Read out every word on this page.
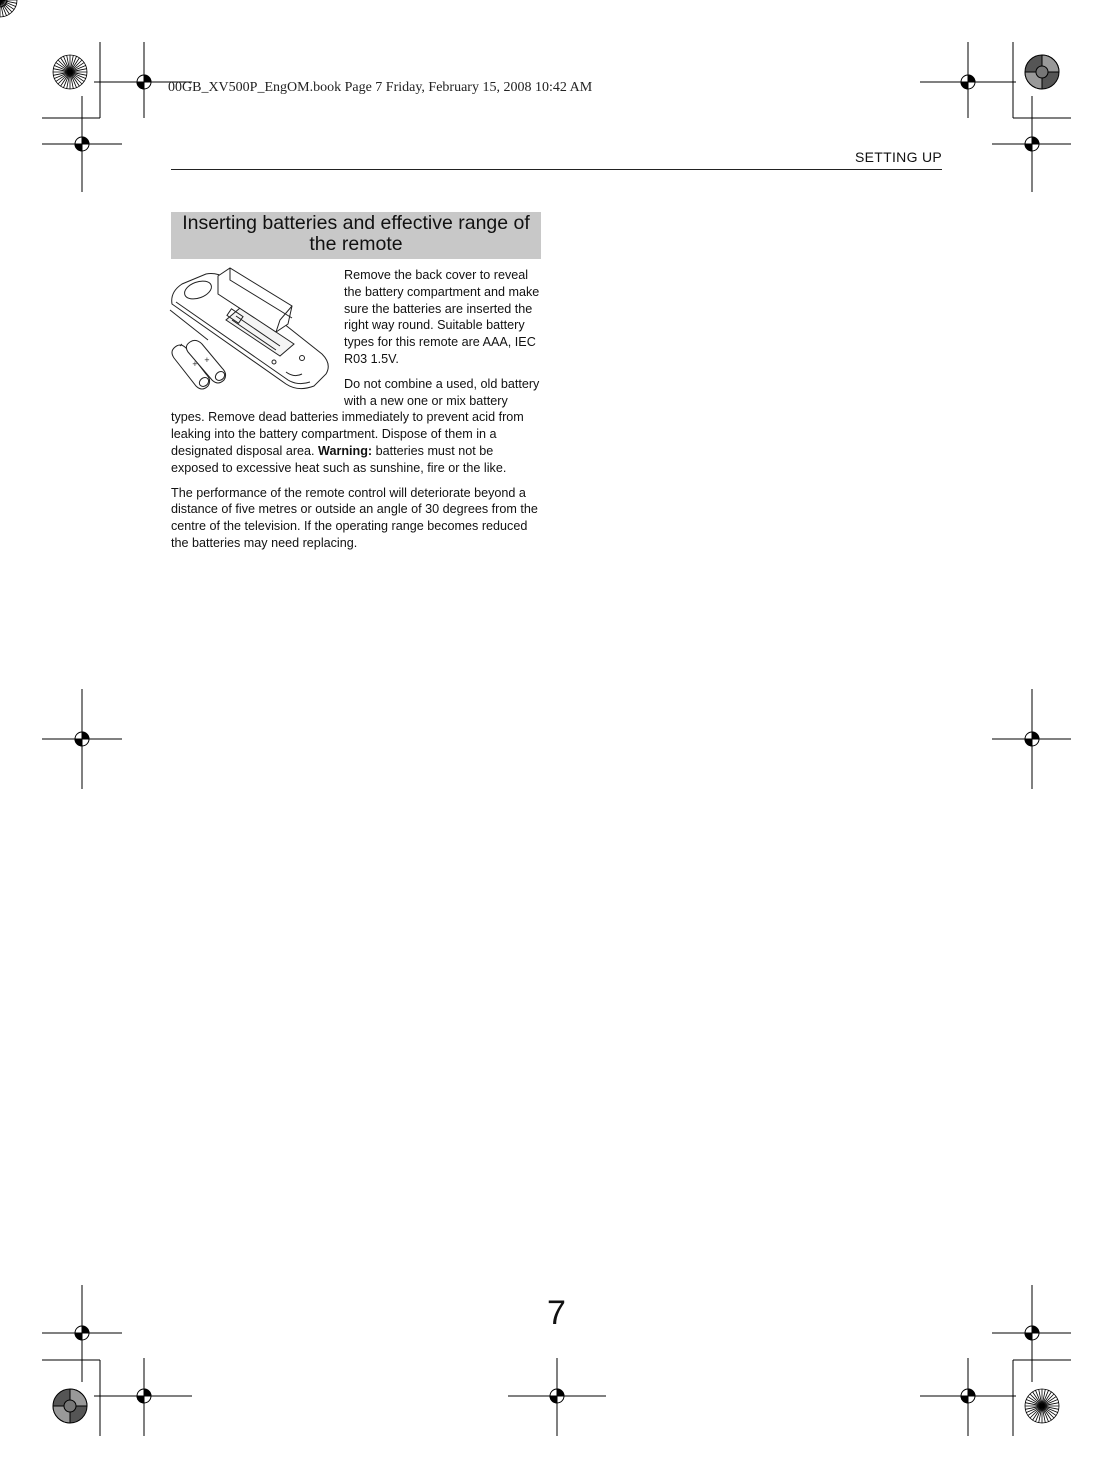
00GB_XV500P_EngOM.book Page 7 Friday, February 15, 2008 10:42 AM
SETTING UP
Inserting batteries and effective range of the remote
+ +

Remove the back cover to reveal the battery compartment and make sure the batteries are inserted the right way round. Suitable battery types for this remote are AAA, IEC R03 1.5V.

Do not combine a used, old battery with a new one or mix battery types. Remove dead batteries immediately to prevent acid from leaking into the battery compartment. Dispose of them in a designated disposal area. Warning: batteries must not be exposed to excessive heat such as sunshine, fire or the like.

The performance of the remote control will deteriorate beyond a distance of five metres or outside an angle of 30 degrees from the centre of the television. If the operating range becomes reduced the batteries may need replacing.

7
